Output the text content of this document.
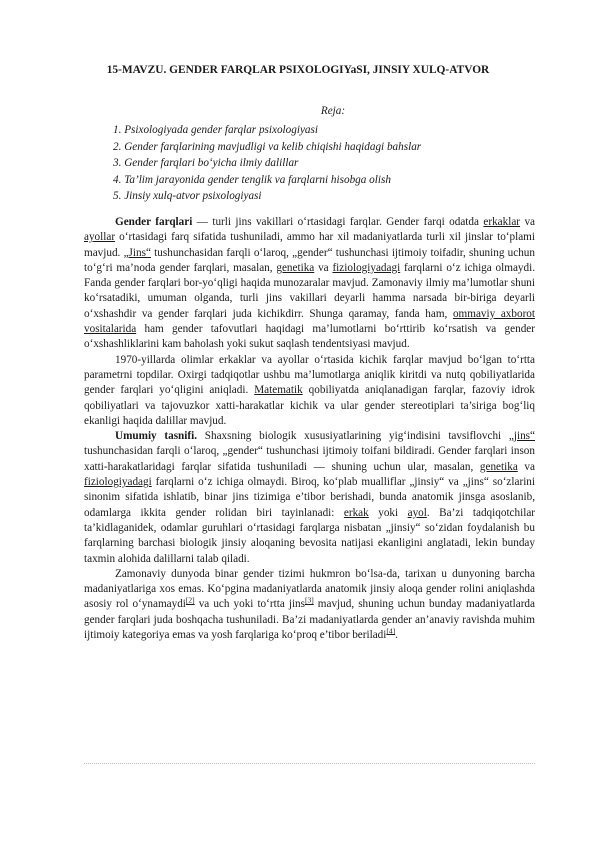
15-MAVZU. GENDER FARQLAR PSIXOLOGIYaSI, JINSIY XULQ-ATVOR
Reja:
1. Psixologiyada gender farqlar psixologiyasi
2. Gender farqlarining mavjudligi va kelib chiqishi haqidagi bahslar
3. Gender farqlari bo‘yicha ilmiy dalillar
4. Ta’lim jarayonida gender tenglik va farqlarni hisobga olish
5. Jinsiy xulq-atvor psixologiyasi

Gender farqlari — turli jins vakillari o‘rtasidagi farqlar. Gender farqi odatda erkaklar va ayollar o‘rtasidagi farq sifatida tushuniladi, ammo har xil madaniyatlarda turli xil jinslar to‘plami mavjud. „Jins“ tushunchasidan farqli o‘laroq, „gender“ tushunchasi ijtimoiy toifadir, shuning uchun to‘g‘ri ma’noda gender farqlari, masalan, genetika va fiziologiyadagi farqlarni o‘z ichiga olmaydi. Fanda gender farqlari bor-yo‘qligi haqida munozaralar mavjud. Zamonaviy ilmiy ma’lumotlar shuni ko‘rsatadiki, umuman olganda, turli jins vakillari deyarli hamma narsada bir-biriga deyarli o‘xshashdir va gender farqlari juda kichikdirr. Shunga qaramay, fanda ham, ommaviy axborot vositalarida ham gender tafovutlari haqidagi ma’lumotlarni bo‘rttirib ko‘rsatish va gender o‘xshashliklarini kam baholash yoki sukut saqlash tendentsiyasi mavjud.

1970-yillarda olimlar erkaklar va ayollar o‘rtasida kichik farqlar mavjud bo‘lgan to‘rtta parametrni topdilar. Oxirgi tadqiqotlar ushbu ma’lumotlarga aniqlik kiritdi va nutq qobiliyatlarida gender farqlari yo‘qligini aniqladi. Matematik qobiliyatda aniqlanadigan farqlar, fazoviy idrok qobiliyatlari va tajovuzkor xatti-harakatlar kichik va ular gender stereotiplari ta’siriga bog‘liq ekanligi haqida dalillar mavjud.

Umumiy tasnifi. Shaxsning biologik xususiyatlarining yig‘indisini tavsiflovchi „jins“ tushunchasidan farqli o‘laroq, „gender“ tushunchasi ijtimoiy toifani bildiradi. Gender farqlari inson xatti-harakatlaridagi farqlar sifatida tushuniladi — shuning uchun ular, masalan, genetika va fiziologiyadagi farqlarni o‘z ichiga olmaydi. Biroq, ko‘plab mualliflar „jinsiy“ va „jins“ so‘zlarini sinonim sifatida ishlatib, binar jins tizimiga e’tibor berishadi, bunda anatomik jinsga asoslanib, odamlarga ikkita gender rolidan biri tayinlanadi: erkak yoki ayol. Ba’zi tadqiqotchilar ta’kidlaganidek, odamlar guruhlari o‘rtasidagi farqlarga nisbatan „jinsiy“ so‘zidan foydalanish bu farqlarning barchasi biologik jinsiy aloqaning bevosita natijasi ekanligini anglatadi, lekin bunday taxmin alohida dalillarni talab qiladi.

Zamonaviy dunyoda binar gender tizimi hukmron bo‘lsa-da, tarixan u dunyoning barcha madaniyatlariga xos emas. Ko‘pgina madaniyatlarda anatomik jinsiy aloqa gender rolini aniqlashda asosiy rol o‘ynamaydi[2] va uch yoki to‘rtta jins[3] mavjud, shuning uchun bunday madaniyatlarda gender farqlari juda boshqacha tushuniladi. Ba’zi madaniyatlarda gender an’anaviy ravishda muhim ijtimoiy kategoriya emas va yosh farqlariga ko‘proq e’tibor beriladi[4].
